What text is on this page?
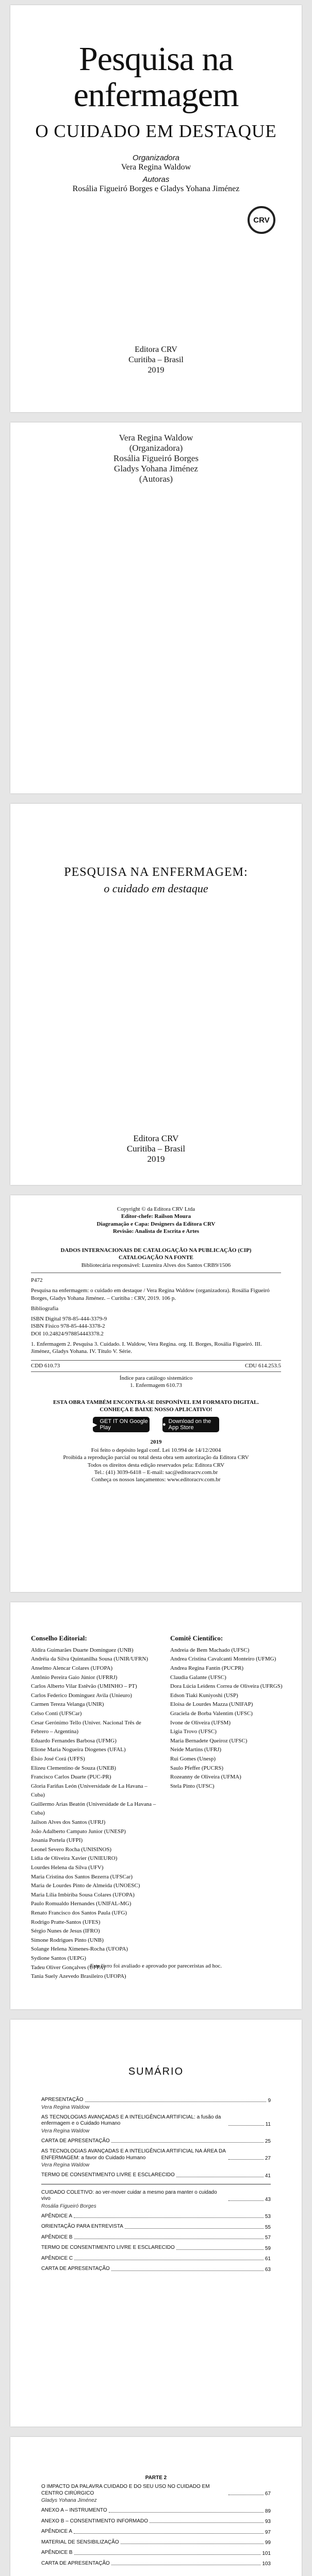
Pesquisa na
enfermagem
O CUIDADO EM DESTAQUE
Organizadora
Vera Regina Waldow
Autoras
Rosália Figueiró Borges e Gladys Yohana Jiménez
CRV
Editora CRV
Curitiba – Brasil
2019
Vera Regina Waldow
(Organizadora)
Rosália Figueiró Borges
Gladys Yohana Jiménez
(Autoras)
PESQUISA NA ENFERMAGEM:
o cuidado em destaque
Editora CRV
Curitiba – Brasil
2019
Copyright © da Editora CRV Ltda
Editor-chefe: Railson Moura
Diagramação e Capa: Designers da Editora CRV
Revisão: Analista de Escrita e Artes
DADOS INTERNACIONAIS DE CATALOGAÇÃO NA PUBLICAÇÃO (CIP)
CATALOGAÇÃO NA FONTE
Bibliotecária responsável: Luzenira Alves dos Santos CRB9/1506
P472
Pesquisa na enfermagem: o cuidado em destaque / Vera Regina Waldow (organizadora). Rosália Figueiró Borges, Gladys Yohana Jiménez. – Curitiba : CRV, 2019. 106 p.
Bibliografia
ISBN Digital 978-85-444-3379-9
ISBN Físico 978-85-444-3378-2
DOI 10.24824/978854443378.2
1. Enfermagem 2. Pesquisa 3. Cuidado. I. Waldow, Vera Regina. org. II. Borges, Rosália Figueiró. III. Jiménez, Gladys Yohana. IV. Título V. Série.
CDD 610.73	CDU 614.253.5
Índice para catálogo sistemático
1. Enfermagem 610.73
ESTA OBRA TAMBÉM ENCONTRA-SE DISPONÍVEL EM FORMATO DIGITAL.
CONHEÇA E BAIXE NOSSO APLICATIVO!
▶
GET IT ON Google Play	● Download on the App Store
2019
Foi feito o depósito legal conf. Lei 10.994 de 14/12/2004
Proibida a reprodução parcial ou total desta obra sem autorização da Editora CRV
Todos os direitos desta edição reservados pela: Editora CRV
Tel.: (41) 3039-6418 – E-mail: sac@editoracrv.com.br
Conheça os nossos lançamentos: www.editoracrv.com.br
Conselho Editorial:
Aldira Guimarães Duarte Domínguez (UNB)
Andréia da Silva Quintanilha Sousa (UNIR/UFRN)
Anselmo Alencar Colares (UFOPA)
Antônio Pereira Gaio Júnior (UFRRJ)
Carlos Alberto Vilar Estêvão (UMINHO – PT)
Carlos Federico Dominguez Avila (Unieuro)
Carmen Tereza Velanga (UNIR)
Celso Conti (UFSCar)
Cesar Gerónimo Tello (Univer. Nacional Três de Febrero – Argentina)
Eduardo Fernandes Barbosa (UFMG)
Elione Maria Nogueira Diogenes (UFAL)
Élsio José Corá (UFFS)
Elizeu Clementino de Souza (UNEB)
Francisco Carlos Duarte (PUC-PR)
Gloria Fariñas León (Universidade de La Havana – Cuba)
Guillermo Arias Beatón (Universidade de La Havana – Cuba)
Jailson Alves dos Santos (UFRJ)
João Adalberto Campato Junior (UNESP)
Josania Portela (UFPI)
Leonel Severo Rocha (UNISINOS)
Lídia de Oliveira Xavier (UNIEURO)
Lourdes Helena da Silva (UFV)
Maria Cristina dos Santos Bezerra (UFSCar)
Maria de Lourdes Pinto de Almeida (UNOESC)
Maria Lília Imbiriba Sousa Colares (UFOPA)
Paulo Romualdo Hernandes (UNIFAL-MG)
Renato Francisco dos Santos Paula (UFG)
Rodrigo Pratte-Santos (UFES)
Sérgio Nunes de Jesus (IFRO)
Simone Rodrigues Pinto (UNB)
Solange Helena Ximenes-Rocha (UFOPA)
Sydione Santos (UEPG)
Tadeu Oliver Gonçalves (UFPA)
Tania Suely Azevedo Brasileiro (UFOPA)
Comitê Científico:
Andreia de Bem Machado (UFSC)
Andrea Cristina Cavalcanti Monteiro (UFMG)
Andrea Regina Fantin (PUCPR)
Claudia Galante (UFSC)
Dora Lúcia Leidens Correa de Oliveira (UFRGS)
Edson Tiaki Kuniyoshi (USP)
Eloisa de Lourdes Mazza (UNIFAP)
Graciela de Borba Valentim (UFSC)
Ivone de Oliveira (UFSM)
Ligia Trovo (UFSC)
Maria Bernadete Queiroz (UFSC)
Neide Martins (UFRJ)
Rui Gomes (Unesp)
Saulo Pfeffer (PUCRS)
Rozeanny de Oliveira (UFMA)
Stela Pinto (UFSC)
Este livro foi avaliado e aprovado por pareceristas ad hoc.
SUMÁRIO
APRESENTAÇÃO	9
Vera Regina Waldow
AS TECNOLOGIAS AVANÇADAS E A INTELIGÊNCIA ARTIFICIAL: a fusão da enfermagem e o Cuidado Humano	11
Vera Regina Waldow
CARTA DE APRESENTAÇÃO	25
AS TECNOLOGIAS AVANÇADAS E A INTELIGÊNCIA ARTIFICIAL NA ÁREA DA ENFERMAGEM: a favor do Cuidado Humano	27
Vera Regina Waldow
TERMO DE CONSENTIMENTO LIVRE E ESCLARECIDO	41
CUIDADO COLETIVO: ao ver-mover cuidar a mesmo para manter o cuidado vivo	43
Rosália Figueiró Borges
APÊNDICE A	53
ORIENTAÇÃO PARA ENTREVISTA	55
APÊNDICE B	57
TERMO DE CONSENTIMENTO LIVRE E ESCLARECIDO	59
APÊNDICE C	61
CARTA DE APRESENTAÇÃO	63
PARTE 2
O IMPACTO DA PALAVRA CUIDADO E DO SEU USO NO CUIDADO EM CENTRO CIRÚRGICO	67
Gladys Yohana Jiménez
ANEXO A – INSTRUMENTO	89
ANEXO B – CONSENTIMENTO INFORMADO	93
APÊNDICE A	97
MATERIAL DE SENSIBILIZAÇÃO	99
APÊNDICE B	101
CARTA DE APRESENTAÇÃO	103
